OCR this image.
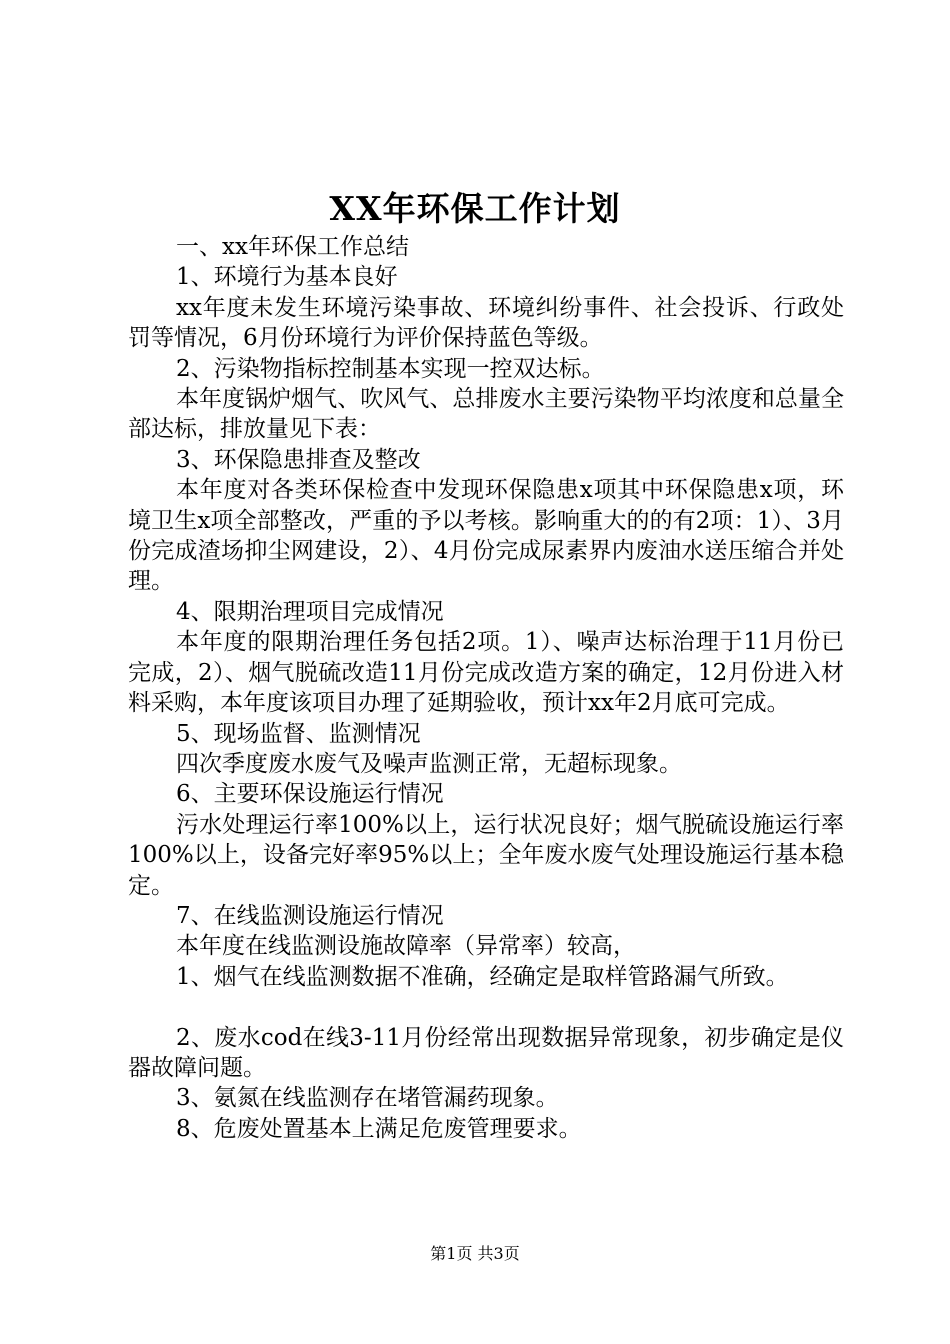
XX年环保工作计划

一、xx年环保工作总结

1、环境行为基本良好

xx年度未发生环境污染事故、环境纠纷事件、社会投诉、行政处罚等情况，6月份环境行为评价保持蓝色等级。

2、污染物指标控制基本实现一控双达标。

本年度锅炉烟气、吹风气、总排废水主要污染物平均浓度和总量全部达标，排放量见下表：

3、环保隐患排查及整改

本年度对各类环保检查中发现环保隐患x项其中环保隐患x项，环境卫生x项全部整改，严重的予以考核。影响重大的的有2项：1）、3月份完成渣场抑尘网建设，2）、4月份完成尿素界内废油水送压缩合并处理。

4、限期治理项目完成情况

本年度的限期治理任务包括2项。1）、噪声达标治理于11月份已完成，2）、烟气脱硫改造11月份完成改造方案的确定，12月份进入材料采购，本年度该项目办理了延期验收，预计xx年2月底可完成。

5、现场监督、监测情况

四次季度废水废气及噪声监测正常，无超标现象。

6、主要环保设施运行情况

污水处理运行率100%以上，运行状况良好；烟气脱硫设施运行率100%以上，设备完好率95%以上；全年废水废气处理设施运行基本稳定。

7、在线监测设施运行情况

本年度在线监测设施故障率（异常率）较高，

1、烟气在线监测数据不准确，经确定是取样管路漏气所致。

2、废水cod在线3-11月份经常出现数据异常现象，初步确定是仪器故障问题。

3、氨氮在线监测存在堵管漏药现象。

8、危废处置基本上满足危废管理要求。

第1页 共3页
